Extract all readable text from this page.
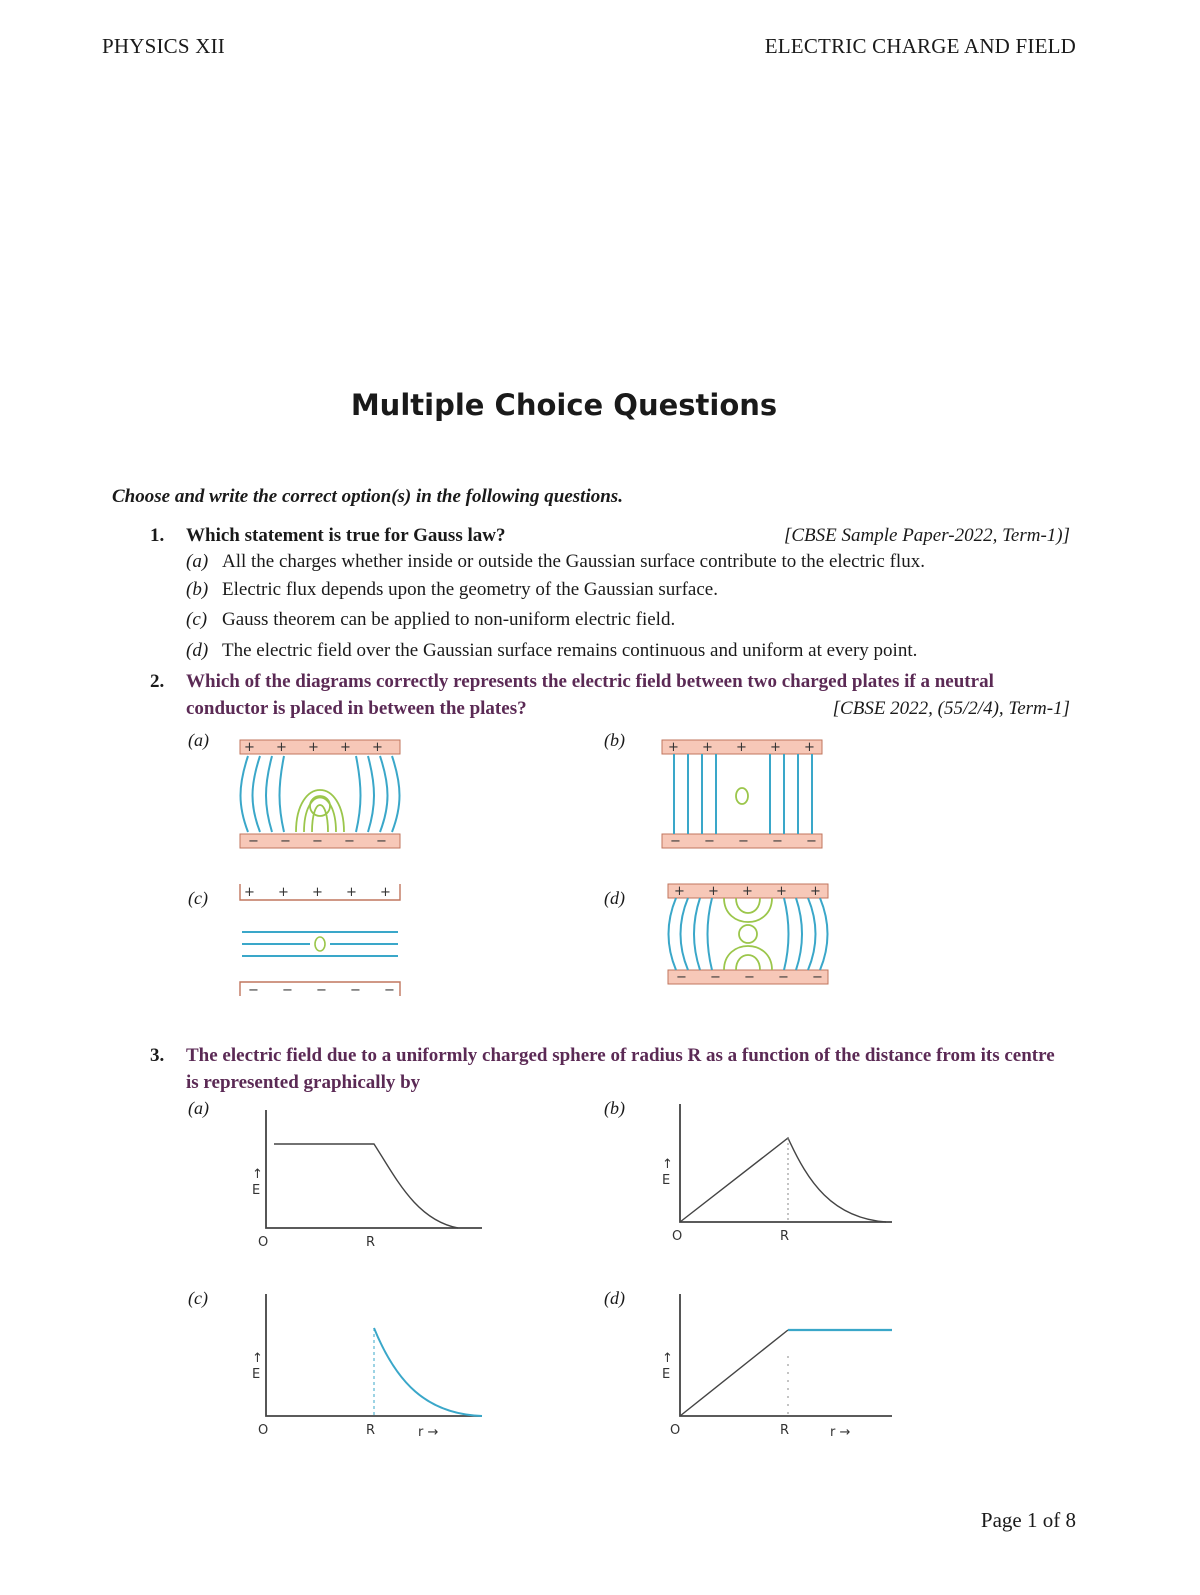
PHYSICS XII	ELECTRIC CHARGE AND FIELD
Multiple Choice Questions
Choose and write the correct option(s) in the following questions.
1. Which statement is true for Gauss law?	[CBSE Sample Paper-2022, Term-1)]
(a) All the charges whether inside or outside the Gaussian surface contribute to the electric flux.
(b) Electric flux depends upon the geometry of the Gaussian surface.
(c) Gauss theorem can be applied to non-uniform electric field.
(d) The electric field over the Gaussian surface remains continuous and uniform at every point.
2. Which of the diagrams correctly represents the electric field between two charged plates if a neutral conductor is placed in between the plates?	[CBSE 2022, (55/2/4), Term-1]
(a)	(b)
(c)	(d)
+ + + + +
− − − − −
+ + + + +
− − − − −
+ + + + +
− − − − −
+ + + + +
− − − − −
3. The electric field due to a uniformly charged sphere of radius R as a function of the distance from its centre is represented graphically by
(a)	(b)
(c)	(d)
↑
E
O	R
↑
E
O	R
↑
E
O	R	r →
↑
E
O	R	r →
Page 1 of 8
